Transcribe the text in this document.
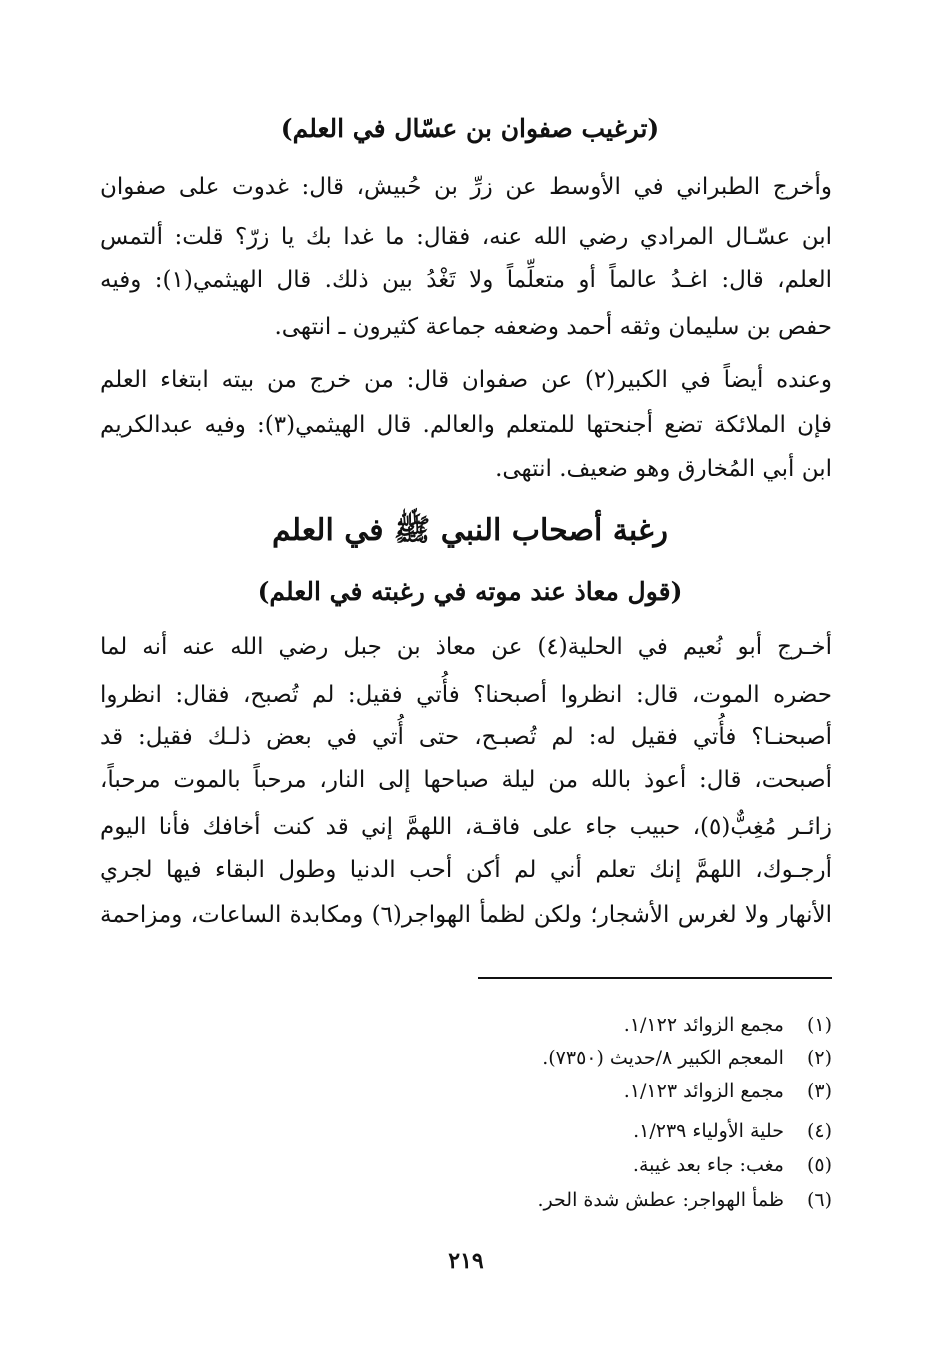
(ترغيب صفوان بن عسّال في العلم)
وأخرج الطبراني في الأوسط عن زرِّ بن حُبيش، قال: غدوت على صفوان
ابن عسّـال المرادي رضي الله عنه، فقال: ما غدا بك يا زرّ؟ قلت: ألتمس
العلم، قال: اغـدُ عالماً أو متعلِّماً ولا تَغْدُ بين ذلك. قال الهيثمي(١): وفيه
حفص بن سليمان وثقه أحمد وضعفه جماعة كثيرون ـ انتهى.
وعنده أيضاً في الكبير(٢) عن صفوان قال: من خرج من بيته ابتغاء العلم
فإن الملائكة تضع أجنحتها للمتعلم والعالم. قال الهيثمي(٣): وفيه عبدالكريم
ابن أبي المُخارق وهو ضعيف. انتهى.
رغبة أصحاب النبي ﷺ في العلم
(قول معاذ عند موته في رغبته في العلم)
أخـرج أبو نُعيم في الحلية(٤) عن معاذ بن جبل رضي الله عنه أنه لما
حضره الموت، قال: انظروا أصبحنا؟ فأُتي فقيل: لم تُصبح، فقال: انظروا
أصبحنـا؟ فأُتي فقيل له: لم تُصبـح، حتى أُتي في بعض ذلـك فقيل: قد
أصبحت، قال: أعوذ بالله من ليلة صباحها إلى النار، مرحباً بالموت مرحباً،
زائـر مُغِبٌّ(٥)، حبيب جاء على فاقـة، اللهمَّ إني قد كنت أخافك فأنا اليوم
أرجـوك، اللهمَّ إنك تعلم أني لم أكن أحب الدنيا وطول البقاء فيها لجري
الأنهار ولا لغرس الأشجار؛ ولكن لظمأ الهواجر(٦) ومكابدة الساعات، ومزاحمة
(١) مجمع الزوائد ١/١٢٢.
(٢) المعجم الكبير ٨/حديث (٧٣٥٠).
(٣) مجمع الزوائد ١/١٢٣.
(٤) حلية الأولياء ١/٢٣٩.
(٥) مغب: جاء بعد غيبة.
(٦) ظمأ الهواجر: عطش شدة الحر.
٢١٩
